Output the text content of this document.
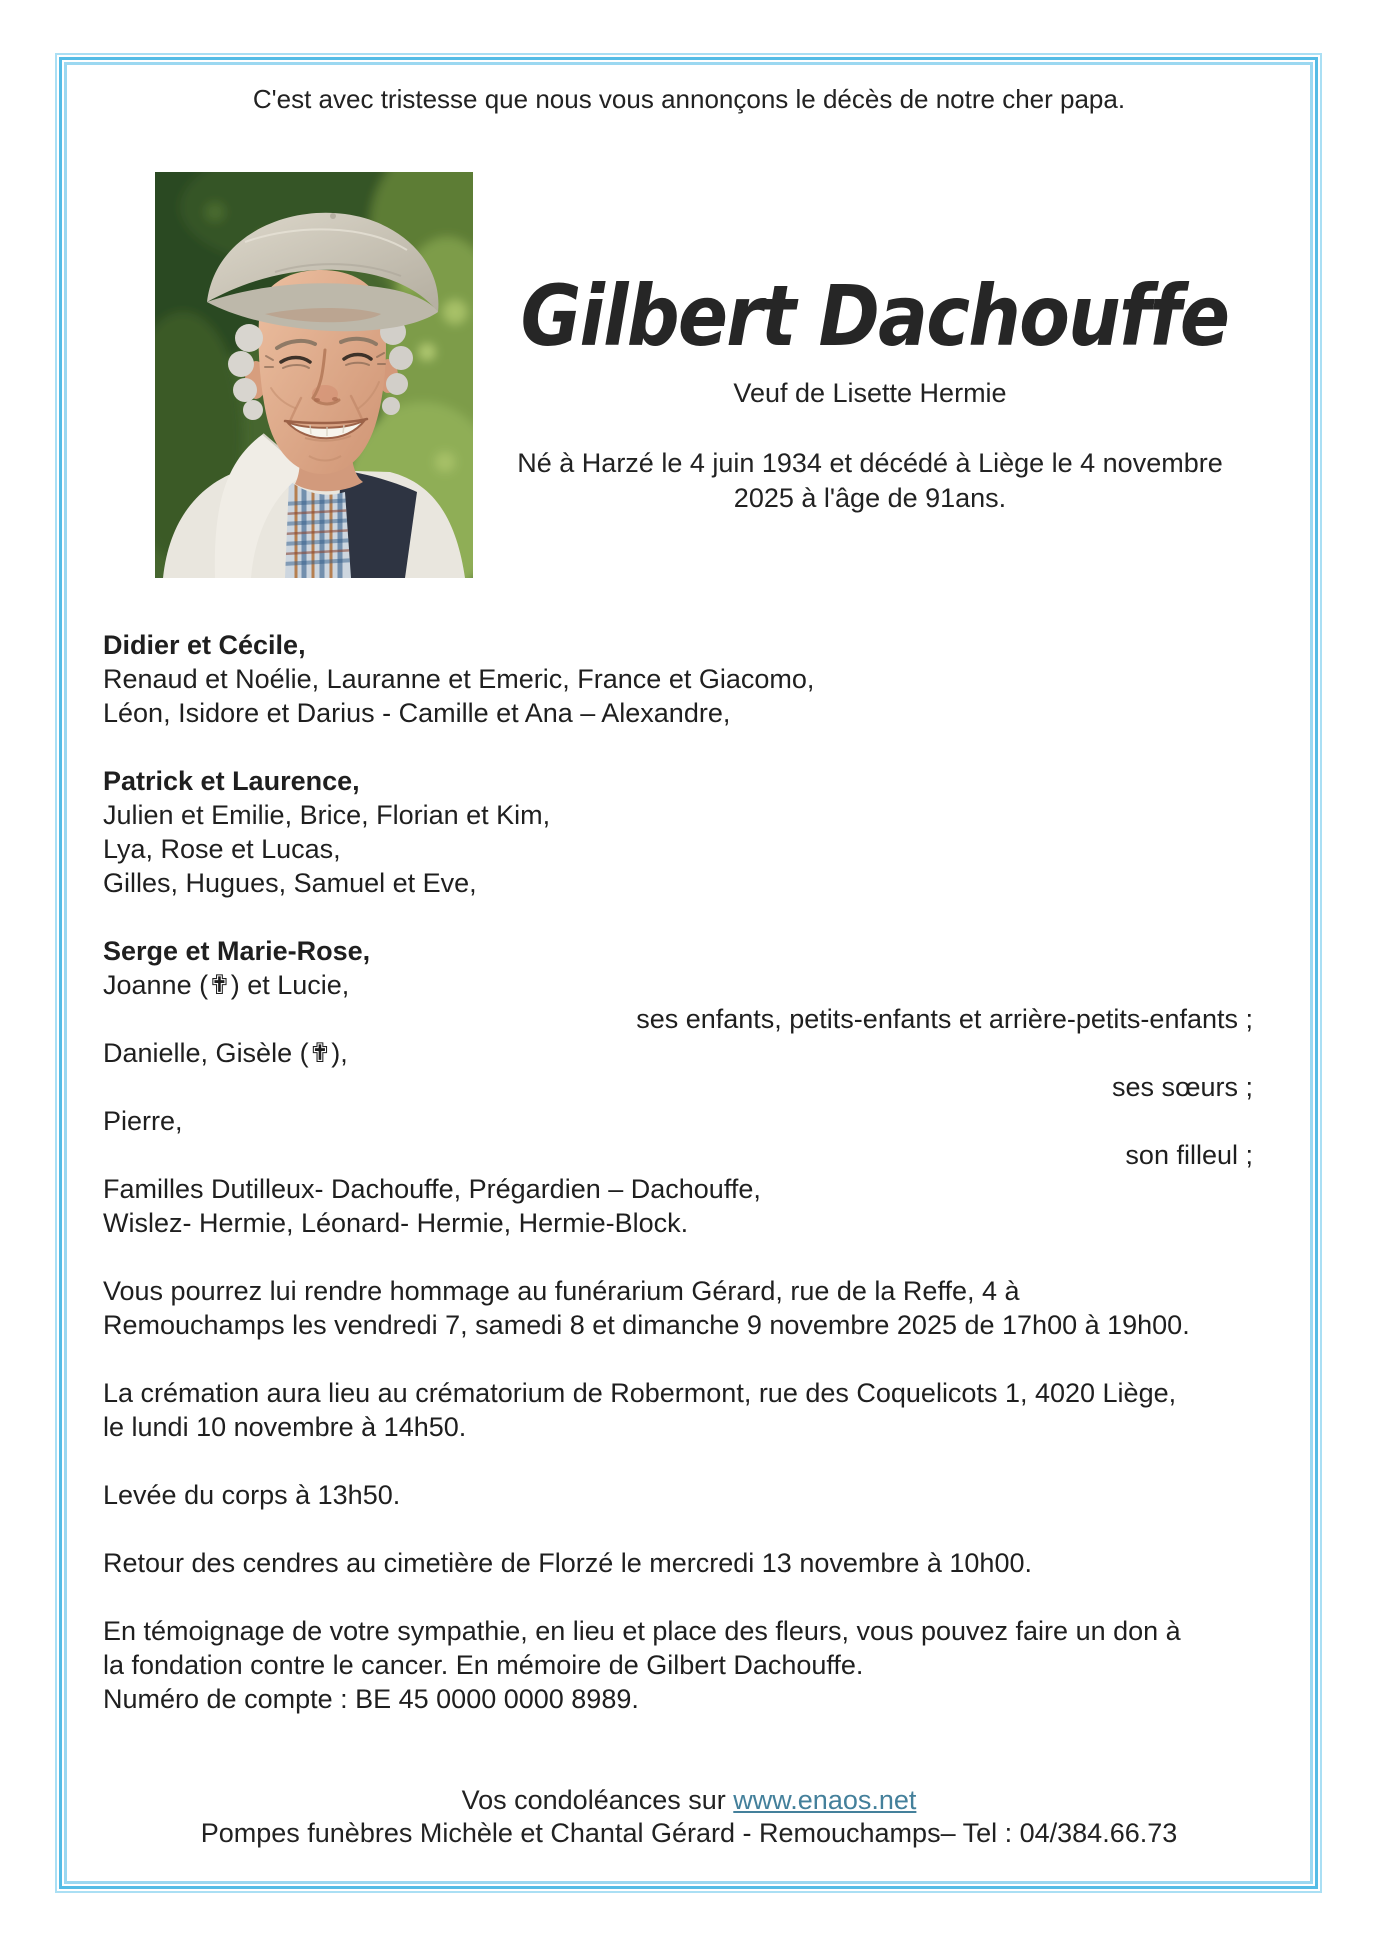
C'est avec tristesse que nous vous annonçons le décès de notre cher papa.
Gilbert Dachouffe
Veuf de Lisette Hermie
Né à Harzé le 4 juin 1934 et décédé à Liège le 4 novembre
2025 à l'âge de 91ans.
Didier et Cécile,
Renaud et Noélie, Lauranne et Emeric, France et Giacomo,
Léon, Isidore et Darius - Camille et Ana – Alexandre,
Patrick et Laurence,
Julien et Emilie, Brice, Florian et Kim,
Lya, Rose et Lucas,
Gilles, Hugues, Samuel et Eve,
Serge et Marie-Rose,
Joanne (✟) et Lucie,
ses enfants, petits-enfants et arrière-petits-enfants ;
Danielle, Gisèle (✟),
ses sœurs ;
Pierre,
son filleul ;
Familles Dutilleux- Dachouffe, Prégardien – Dachouffe,
Wislez- Hermie, Léonard- Hermie, Hermie-Block.
Vous pourrez lui rendre hommage au funérarium Gérard, rue de la Reffe, 4 à
Remouchamps les vendredi 7, samedi 8 et dimanche 9 novembre 2025 de 17h00 à 19h00.
La crémation aura lieu au crématorium de Robermont, rue des Coquelicots 1, 4020 Liège,
le lundi 10 novembre à 14h50.
Levée du corps à 13h50.
Retour des cendres au cimetière de Florzé le mercredi 13 novembre à 10h00.
En témoignage de votre sympathie, en lieu et place des fleurs, vous pouvez faire un don à
la fondation contre le cancer. En mémoire de Gilbert Dachouffe.
Numéro de compte : BE 45 0000 0000 8989.
Vos condoléances sur www.enaos.net
Pompes funèbres Michèle et Chantal Gérard - Remouchamps– Tel : 04/384.66.73
